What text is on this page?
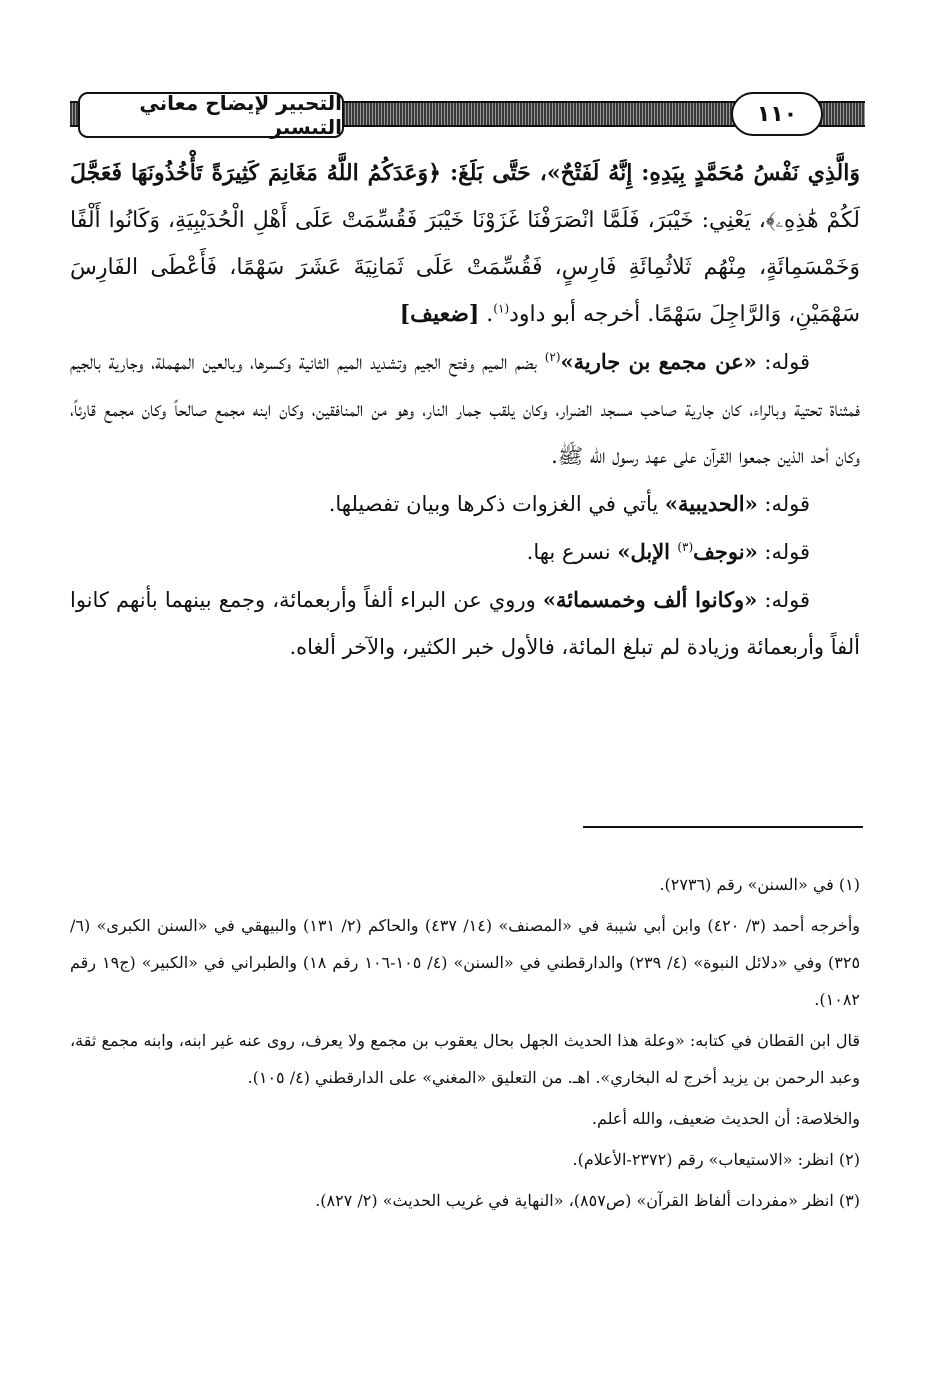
١١٠
التحبير لإيضاح معاني التيسير

وَالَّذِي نَفْسُ مُحَمَّدٍ بِيَدِهِ: إِنَّهُ لَفَتْحٌ»، حَتَّى بَلَغَ: ﴿وَعَدَكُمُ اللَّهُ مَغَانِمَ كَثِيرَةً تَأْخُذُونَهَا فَعَجَّلَ لَكُمْ هَٰذِهِۦ﴾، يَعْنِي: خَيْبَرَ، فَلَمَّا انْصَرَفْنَا غَزَوْنَا خَيْبَرَ فَقُسِّمَتْ عَلَى أَهْلِ الْحُدَيْبِيَةِ، وَكَانُوا أَلْفًا وَخَمْسَمِائَةٍ، مِنْهُم ثَلاثُمِائَةِ فَارِسٍ، فَقُسِّمَتْ عَلَى ثَمَانِيَةَ عَشَرَ سَهْمًا، فَأَعْطَى الفَارِسَ سَهْمَيْنِ، وَالرَّاجِلَ سَهْمًا. أخرجه أبو داود$^{(١)}$. [ضعيف]

قوله: «عن مجمع بن جارية»$^{(٢)}$ بضم الميم وفتح الجيم وتشديد الميم الثانية وكسرها، وبالعين المهملة، وجارية بالجيم فمثناة تحتية وبالراء، كان جارية صاحب مسجد الضرار، وكان يلقب جمار النار، وهو من المنافقين، وكان ابنه مجمع صالحاً وكان مجمع قارئاً، وكان أحد الذين جمعوا القرآن على عهد رسول الله ﷺ.

قوله: «الحديبية» يأتي في الغزوات ذكرها وبيان تفصيلها.

قوله: «نوجف$^{(٣)}$ الإبل» نسرع بها.

قوله: «وكانوا ألف وخمسمائة» وروي عن البراء ألفاً وأربعمائة، وجمع بينهما بأنهم كانوا ألفاً وأربعمائة وزيادة لم تبلغ المائة، فالأول خبر الكثير، والآخر ألغاه.

(١) في «السنن» رقم (٢٧٣٦).

وأخرجه أحمد (٣/ ٤٢٠) وابن أبي شيبة في «المصنف» (١٤/ ٤٣٧) والحاكم (٢/ ١٣١) والبيهقي في «السنن الكبرى» (٦/ ٣٢٥) وفي «دلائل النبوة» (٤/ ٢٣٩) والدارقطني في «السنن» (٤/ ١٠٥-١٠٦ رقم ١٨) والطبراني في «الكبير» (ج١٩ رقم ١٠٨٢).

قال ابن القطان في كتابه: «وعلة هذا الحديث الجهل بحال يعقوب بن مجمع ولا يعرف، روى عنه غير ابنه، وابنه مجمع ثقة، وعبد الرحمن بن يزيد أخرج له البخاري». اهـ. من التعليق «المغني» على الدارقطني (٤/ ١٠٥).

والخلاصة: أن الحديث ضعيف، والله أعلم.

(٢) انظر: «الاستيعاب» رقم (٢٣٧٢-الأعلام).

(٣) انظر «مفردات ألفاظ القرآن» (ص٨٥٧)، «النهاية في غريب الحديث» (٢/ ٨٢٧).
